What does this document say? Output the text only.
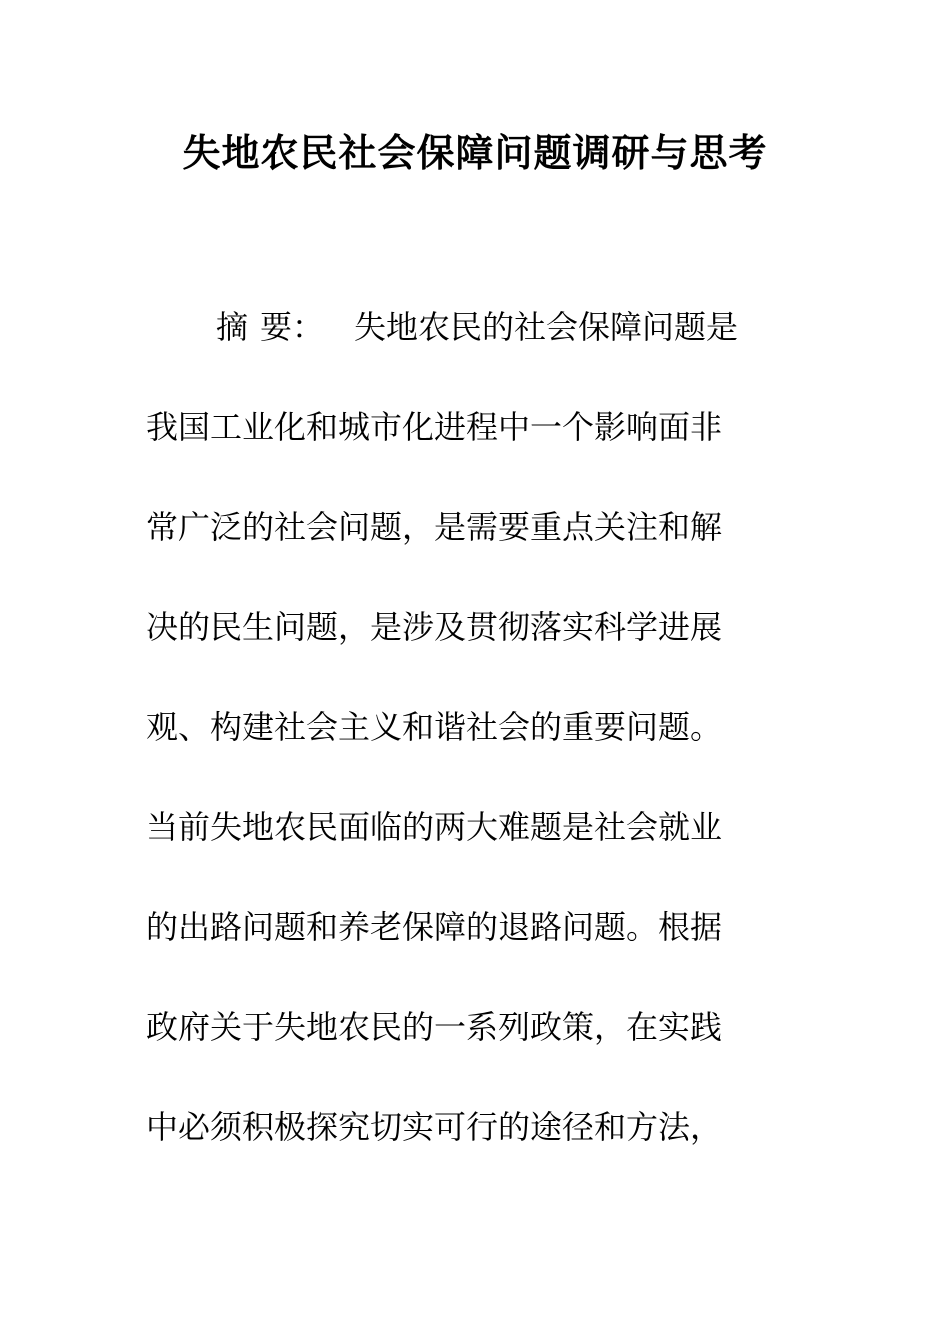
失地农民社会保障问题调研与思考
摘 要： 失地农民的社会保障问题是
我国工业化和城市化进程中一个影响面非
常广泛的社会问题，是需要重点关注和解
决的民生问题，是涉及贯彻落实科学进展
观、构建社会主义和谐社会的重要问题。
当前失地农民面临的两大难题是社会就业
的出路问题和养老保障的退路问题。根据
政府关于失地农民的一系列政策，在实践
中必须积极探究切实可行的途径和方法，
